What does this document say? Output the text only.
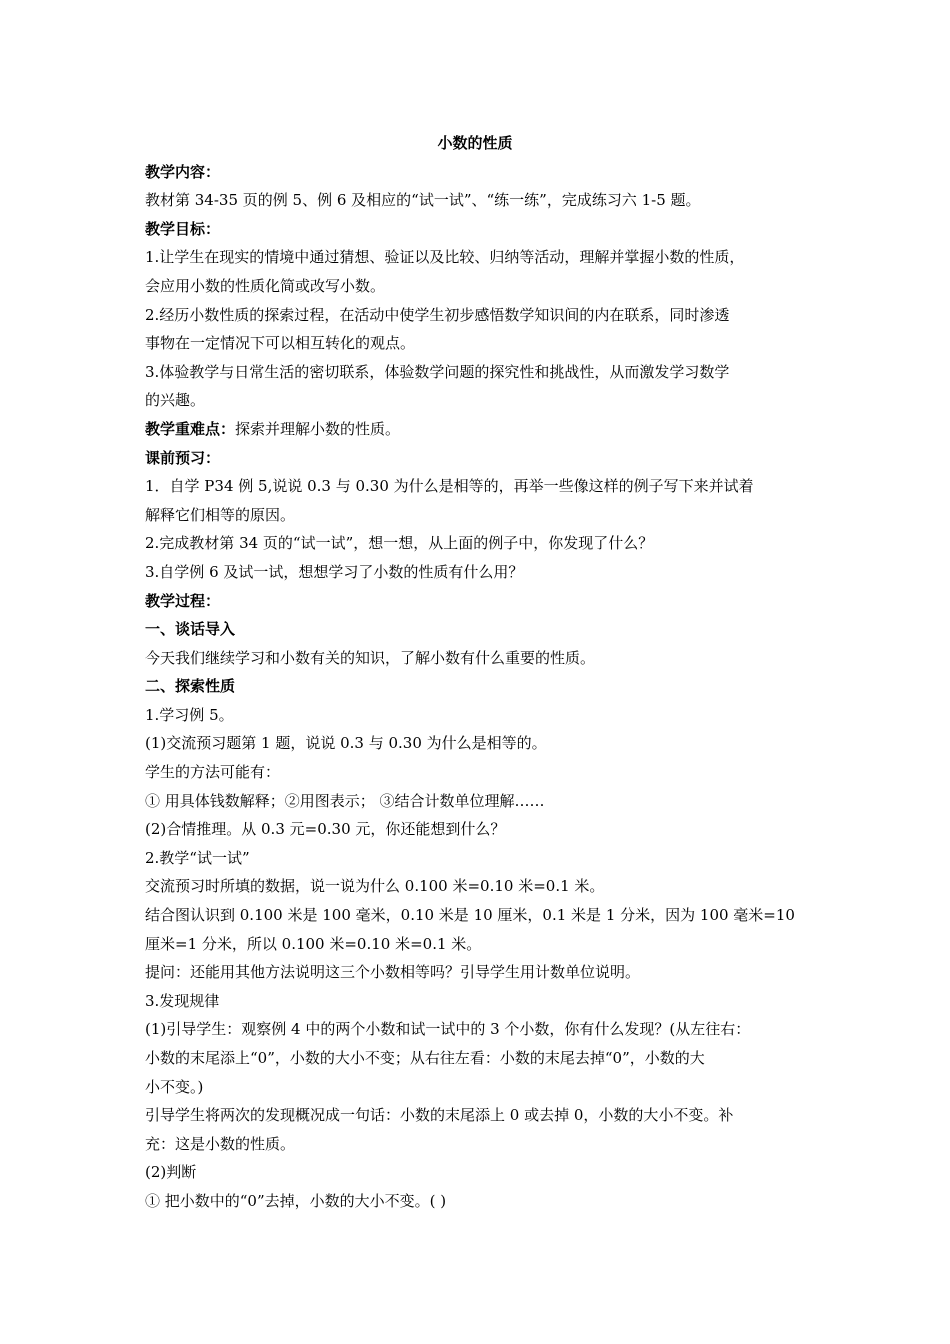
小数的性质
教学内容：
教材第 34-35 页的例 5、例 6 及相应的“试一试”、“练一练”，完成练习六 1-5 题。
教学目标：
1.让学生在现实的情境中通过猜想、验证以及比较、归纳等活动，理解并掌握小数的性质，
会应用小数的性质化简或改写小数。
2.经历小数性质的探索过程，在活动中使学生初步感悟数学知识间的内在联系，同时渗透
事物在一定情况下可以相互转化的观点。
3.体验教学与日常生活的密切联系，体验数学问题的探究性和挑战性，从而激发学习数学
的兴趣。
教学重难点：探索并理解小数的性质。
课前预习：
1．自学 P34 例 5,说说 0.3 与 0.30 为什么是相等的，再举一些像这样的例子写下来并试着
解释它们相等的原因。
2.完成教材第 34 页的“试一试”，想一想，从上面的例子中，你发现了什么？
3.自学例 6 及试一试，想想学习了小数的性质有什么用？
教学过程：
一、谈话导入
今天我们继续学习和小数有关的知识，了解小数有什么重要的性质。
二、探索性质
1.学习例 5。
(1)交流预习题第 1 题，说说 0.3 与 0.30 为什么是相等的。
学生的方法可能有：
① 用具体钱数解释；②用图表示； ③结合计数单位理解……
(2)合情推理。从 0.3 元=0.30 元，你还能想到什么？
2.教学“试一试”
交流预习时所填的数据，说一说为什么 0.100 米=0.10 米=0.1 米。
结合图认识到 0.100 米是 100 毫米，0.10 米是 10 厘米，0.1 米是 1 分米，因为 100 毫米=10
厘米=1 分米，所以 0.100 米=0.10 米=0.1 米。
提问：还能用其他方法说明这三个小数相等吗？引导学生用计数单位说明。
3.发现规律
(1)引导学生：观察例 4 中的两个小数和试一试中的 3 个小数，你有什么发现？(从左往右：
小数的末尾添上“0”，小数的大小不变；从右往左看：小数的末尾去掉“0”，小数的大
小不变。)
引导学生将两次的发现概况成一句话：小数的末尾添上 0 或去掉 0，小数的大小不变。补
充：这是小数的性质。
(2)判断
① 把小数中的“0”去掉，小数的大小不变。( )
